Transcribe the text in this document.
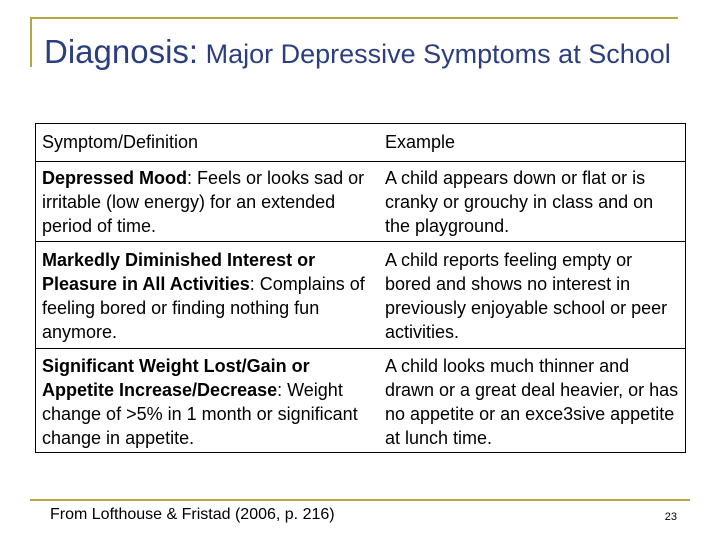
Diagnosis: Major Depressive Symptoms at School
Symptom/Definition	Example
Depressed Mood: Feels or looks sad or irritable (low energy) for an extended period of time.	A child appears down or flat or is cranky or grouchy in class and on the playground.
Markedly Diminished Interest or Pleasure in All Activities: Complains of feeling bored or finding nothing fun anymore.	A child reports feeling empty or bored and shows no interest in previously enjoyable school or peer activities.
Significant Weight Lost/Gain or Appetite Increase/Decrease: Weight change of >5% in 1 month or significant change in appetite.	A child looks much thinner and drawn or a great deal heavier, or has no appetite or an exce3sive appetite at lunch time.

From Lofthouse & Fristad (2006, p. 216)	23
